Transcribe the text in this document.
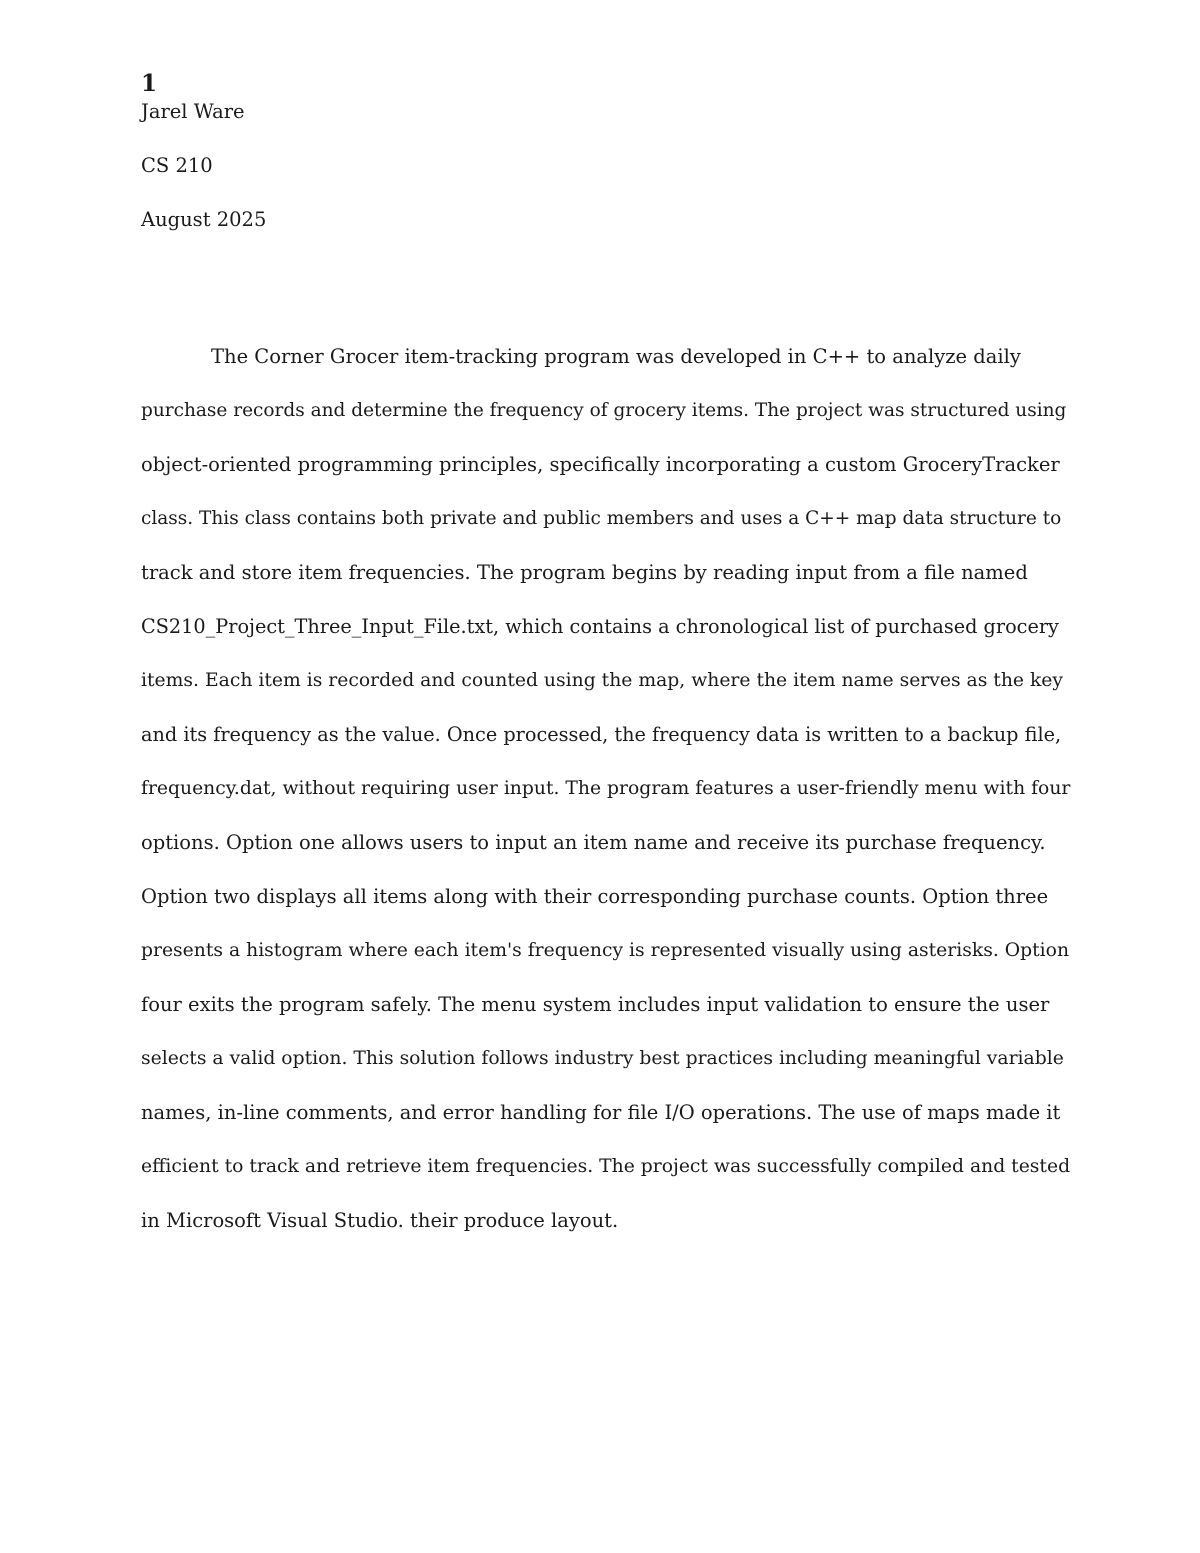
1
Jarel Ware
CS 210
August 2025
The Corner Grocer item-tracking program was developed in C++ to analyze daily
purchase records and determine the frequency of grocery items. The project was structured using
object-oriented programming principles, specifically incorporating a custom GroceryTracker
class. This class contains both private and public members and uses a C++ map data structure to
track and store item frequencies. The program begins by reading input from a file named
CS210_Project_Three_Input_File.txt, which contains a chronological list of purchased grocery
items. Each item is recorded and counted using the map, where the item name serves as the key
and its frequency as the value. Once processed, the frequency data is written to a backup file,
frequency.dat, without requiring user input. The program features a user-friendly menu with four
options. Option one allows users to input an item name and receive its purchase frequency.
Option two displays all items along with their corresponding purchase counts. Option three
presents a histogram where each item's frequency is represented visually using asterisks. Option
four exits the program safely. The menu system includes input validation to ensure the user
selects a valid option. This solution follows industry best practices including meaningful variable
names, in-line comments, and error handling for file I/O operations. The use of maps made it
efficient to track and retrieve item frequencies. The project was successfully compiled and tested
in Microsoft Visual Studio. their produce layout.
